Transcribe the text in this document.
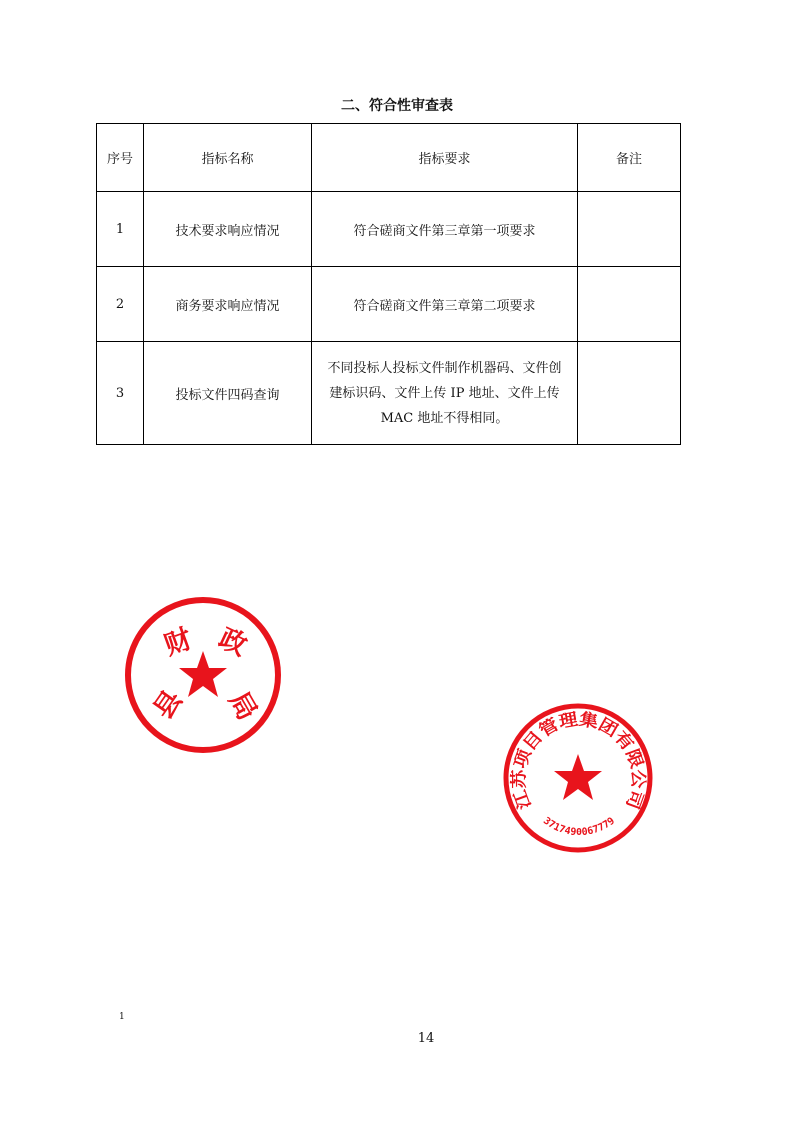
二、符合性审查表
序号	指标名称	指标要求	备注
1	技术要求响应情况	符合磋商文件第三章第一项要求	
2	商务要求响应情况	符合磋商文件第三章第二项要求	
3	投标文件四码查询	不同投标人投标文件制作机器码、文件创
建标识码、文件上传 IP 地址、文件上传
MAC 地址不得相同。	

县
财 政
局
江苏项目管理集团有限公司
3717490067779
1
14
